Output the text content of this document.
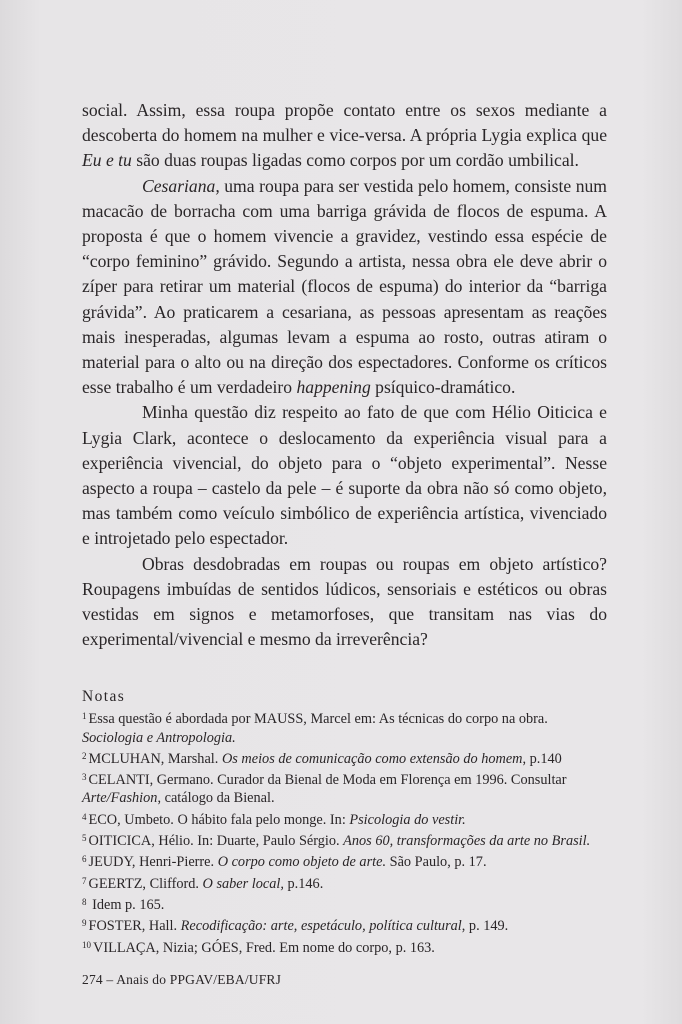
social. Assim, essa roupa propõe contato entre os sexos mediante a descoberta do homem na mulher e vice-versa. A própria Lygia explica que Eu e tu são duas roupas ligadas como corpos por um cordão umbilical.

Cesariana, uma roupa para ser vestida pelo homem, consiste num macacão de borracha com uma barriga grávida de flocos de espuma. A proposta é que o homem vivencie a gravidez, vestindo essa espécie de “corpo feminino” grávido. Segundo a artista, nessa obra ele deve abrir o zíper para retirar um material (flocos de espuma) do interior da “barriga grávida”. Ao praticarem a cesariana, as pessoas apresentam as reações mais inesperadas, algumas levam a espuma ao rosto, outras atiram o material para o alto ou na direção dos espectadores. Conforme os críticos esse trabalho é um verdadeiro happening psíquico-dramático.

Minha questão diz respeito ao fato de que com Hélio Oiticica e Lygia Clark, acontece o deslocamento da experiência visual para a experiência vivencial, do objeto para o “objeto experimental”. Nesse aspecto a roupa – castelo da pele – é suporte da obra não só como objeto, mas também como veículo simbólico de experiência artística, vivenciado e introjetado pelo espectador.

Obras desdobradas em roupas ou roupas em objeto artístico? Roupagens imbuídas de sentidos lúdicos, sensoriais e estéticos ou obras vestidas em signos e metamorfoses, que transitam nas vias do experimental/vivencial e mesmo da irreverência?

Notas

$^1$ Essa questão é abordada por MAUSS, Marcel em: As técnicas do corpo na obra. Sociologia e Antropologia.

$^2$ MCLUHAN, Marshal. Os meios de comunicação como extensão do homem, p.140

$^3$ CELANTI, Germano. Curador da Bienal de Moda em Florença em 1996. Consultar Arte/Fashion, catálogo da Bienal.

$^4$ ECO, Umbeto. O hábito fala pelo monge. In: Psicologia do vestir.

$^5$ OITICICA, Hélio. In: Duarte, Paulo Sérgio. Anos 60, transformações da arte no Brasil.

$^6$ JEUDY, Henri-Pierre. O corpo como objeto de arte. São Paulo, p. 17.

$^7$ GEERTZ, Clifford. O saber local, p.146.

$^8$ Idem p. 165.

$^9$ FOSTER, Hall. Recodificação: arte, espetáculo, política cultural, p. 149.

$^{10}$ VILLAÇA, Nizia; GÓES, Fred. Em nome do corpo, p. 163.

274 – Anais do PPGAV/EBA/UFRJ
